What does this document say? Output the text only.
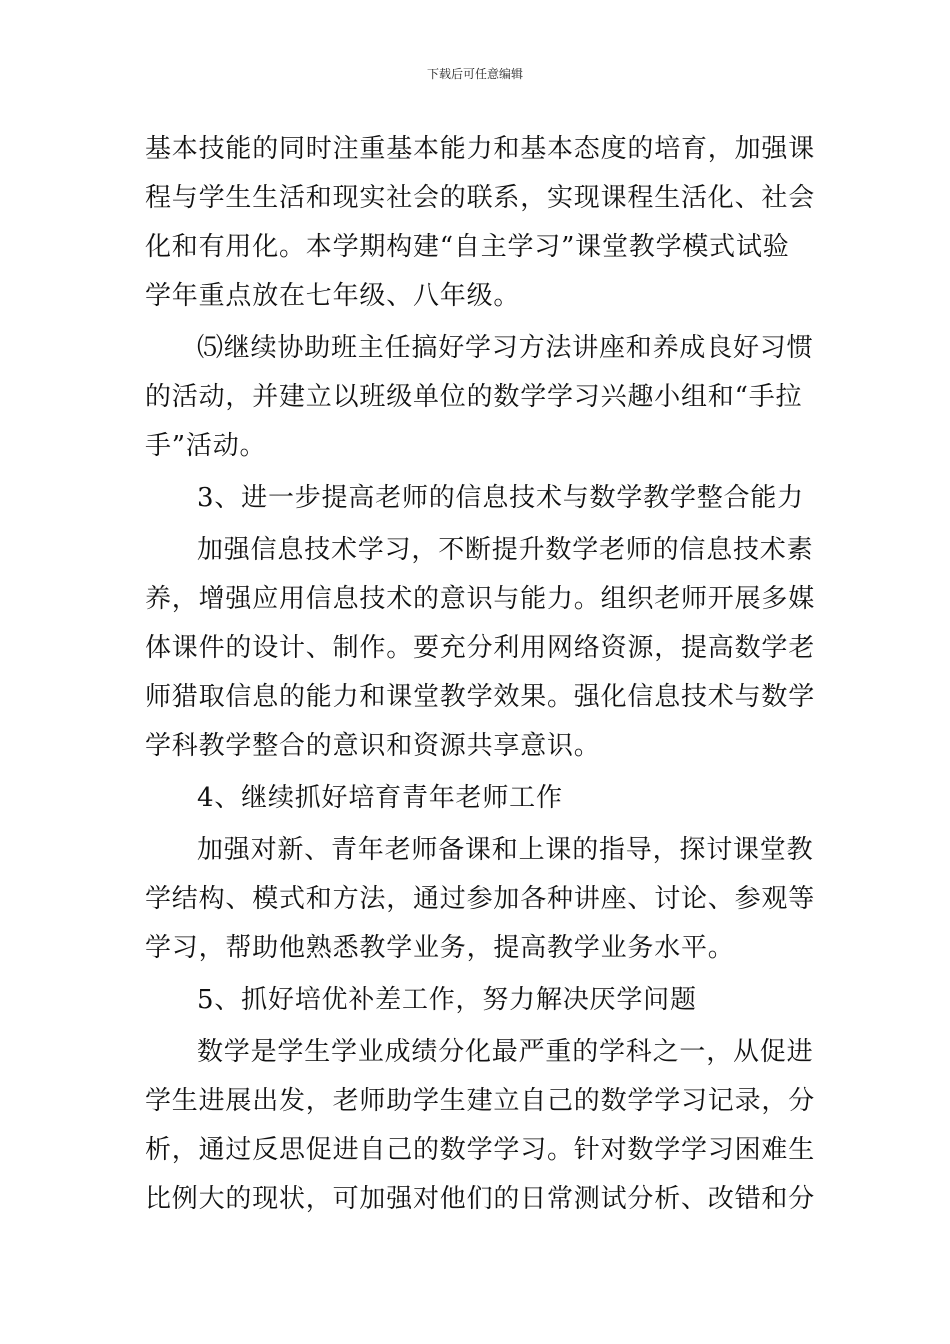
下载后可任意编辑
基本技能的同时注重基本能力和基本态度的培育，加强课
程与学生生活和现实社会的联系，实现课程生活化、社会
化和有用化。本学期构建“自主学习”课堂教学模式试验
学年重点放在七年级、八年级。
⑸继续协助班主任搞好学习方法讲座和养成良好习惯
的活动，并建立以班级单位的数学学习兴趣小组和“手拉
手”活动。
3、进一步提高老师的信息技术与数学教学整合能力
加强信息技术学习，不断提升数学老师的信息技术素
养，增强应用信息技术的意识与能力。组织老师开展多媒
体课件的设计、制作。要充分利用网络资源，提高数学老
师猎取信息的能力和课堂教学效果。强化信息技术与数学
学科教学整合的意识和资源共享意识。
4、继续抓好培育青年老师工作
加强对新、青年老师备课和上课的指导，探讨课堂教
学结构、模式和方法，通过参加各种讲座、讨论、参观等
学习，帮助他熟悉教学业务，提高教学业务水平。
5、抓好培优补差工作，努力解决厌学问题
数学是学生学业成绩分化最严重的学科之一，从促进
学生进展出发，老师助学生建立自己的数学学习记录，分
析，通过反思促进自己的数学学习。针对数学学习困难生
比例大的现状，可加强对他们的日常测试分析、改错和分
